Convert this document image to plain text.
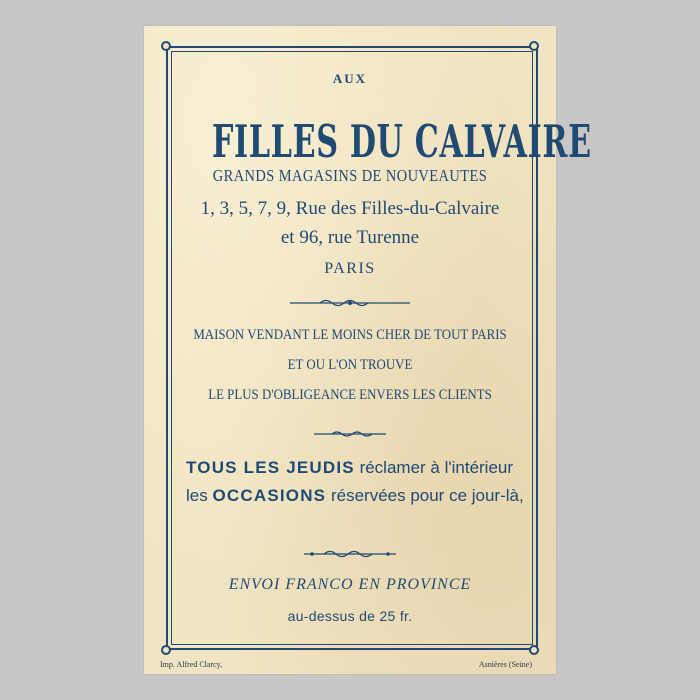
AUX
FILLES DU CALVAIRE
GRANDS MAGASINS DE NOUVEAUTES
1, 3, 5, 7, 9, Rue des Filles-du-Calvaire
et 96, rue Turenne
PARIS
MAISON VENDANT LE MOINS CHER DE TOUT PARIS
ET OU L'ON TROUVE
LE PLUS D'OBLIGEANCE ENVERS LES CLIENTS
TOUS LES JEUDIS réclamer à l'intérieur les OCCASIONS réservées pour ce jour-là,
ENVOI FRANCO EN PROVINCE
au-dessus de 25 fr.
Imp. Alfred Clarcy,	Asnières (Seine)
